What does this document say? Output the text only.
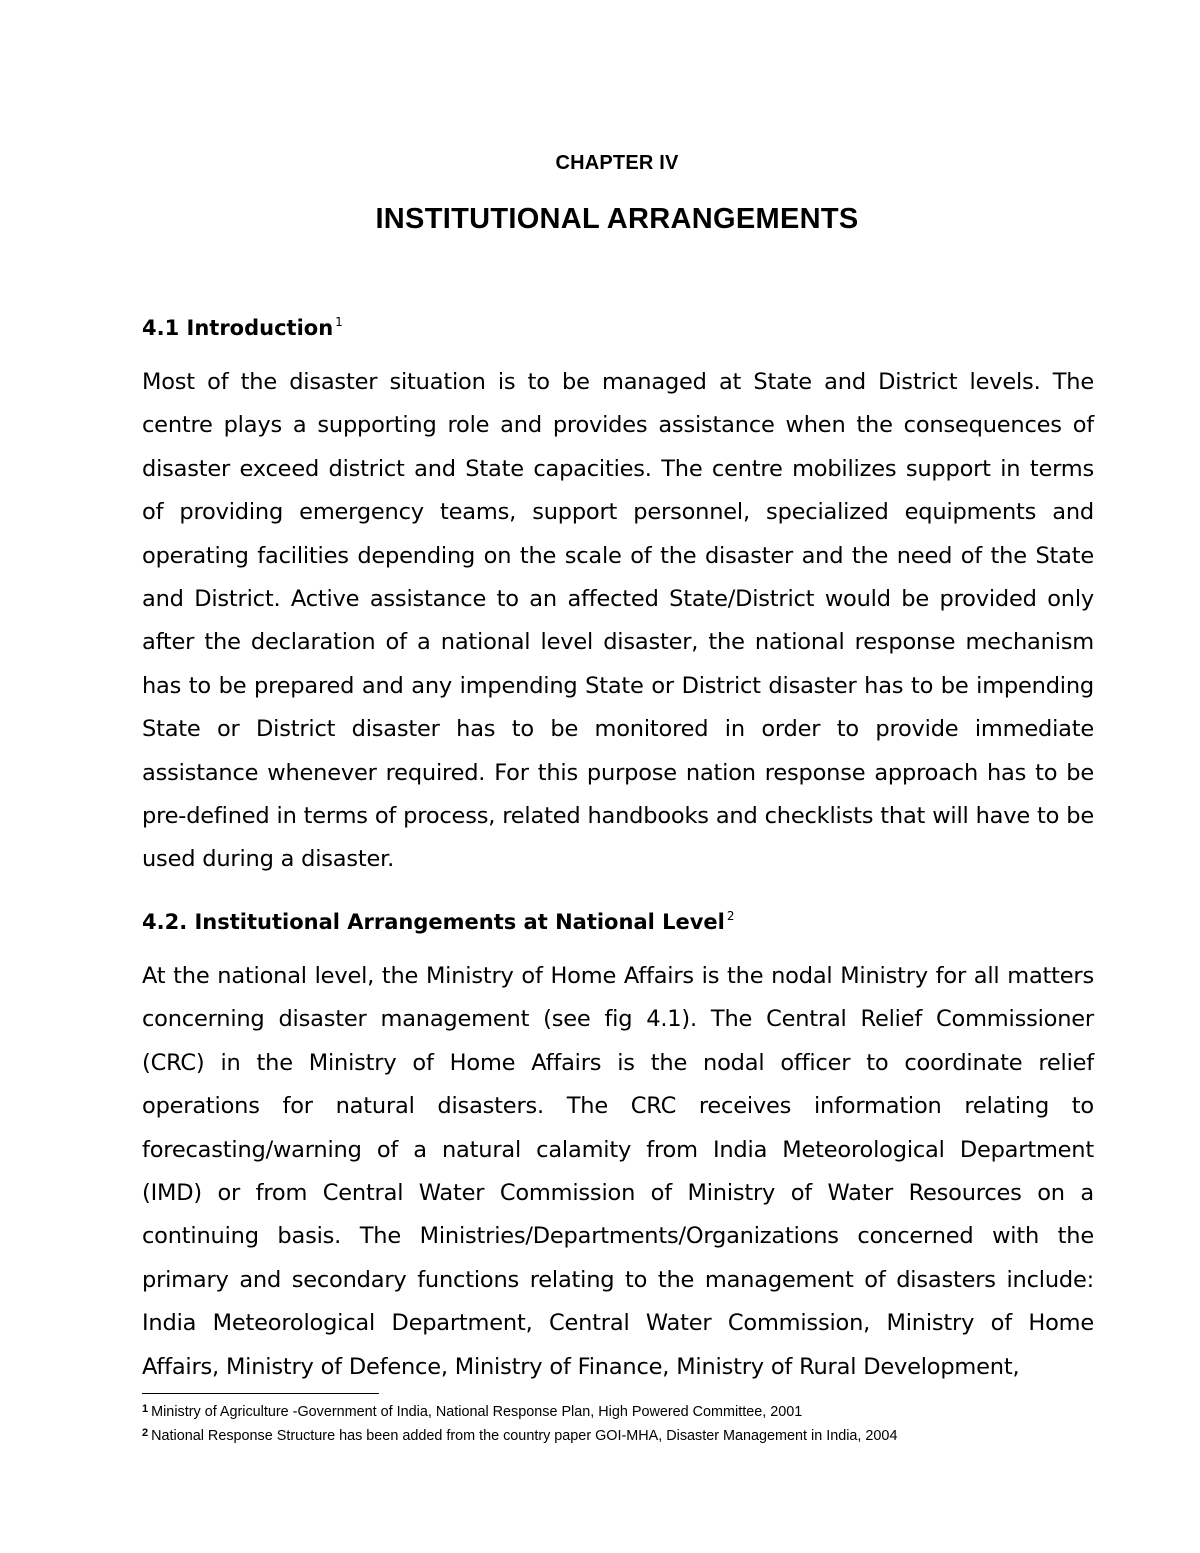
CHAPTER IV
INSTITUTIONAL ARRANGEMENTS
4.1 Introduction $^1$
Most of the disaster situation is to be managed at State and District levels. The centre plays a supporting role and provides assistance when the consequences of disaster exceed district and State capacities. The centre mobilizes support in terms of providing emergency teams, support personnel, specialized equipments and operating facilities depending on the scale of the disaster and the need of the State and District. Active assistance to an affected State/District would be provided only after the declaration of a national level disaster, the national response mechanism has to be prepared and any impending State or District disaster has to be impending State or District disaster has to be monitored in order to provide immediate assistance whenever required. For this purpose nation response approach has to be pre-defined in terms of process, related handbooks and checklists that will have to be used during a disaster.
4.2. Institutional Arrangements at National Level $^2$
At the national level, the Ministry of Home Affairs is the nodal Ministry for all matters concerning disaster management (see fig 4.1). The Central Relief Commissioner (CRC) in the Ministry of Home Affairs is the nodal officer to coordinate relief operations for natural disasters. The CRC receives information relating to forecasting/warning of a natural calamity from India Meteorological Department (IMD) or from Central Water Commission of Ministry of Water Resources on a continuing basis. The Ministries/Departments/Organizations concerned with the primary and secondary functions relating to the management of disasters include: India Meteorological Department, Central Water Commission, Ministry of Home Affairs, Ministry of Defence, Ministry of Finance, Ministry of Rural Development,
$^1$ Ministry of Agriculture -Government of India, National Response Plan, High Powered Committee, 2001
$^2$ National Response Structure has been added from the country paper GOI-MHA, Disaster Management in India, 2004
